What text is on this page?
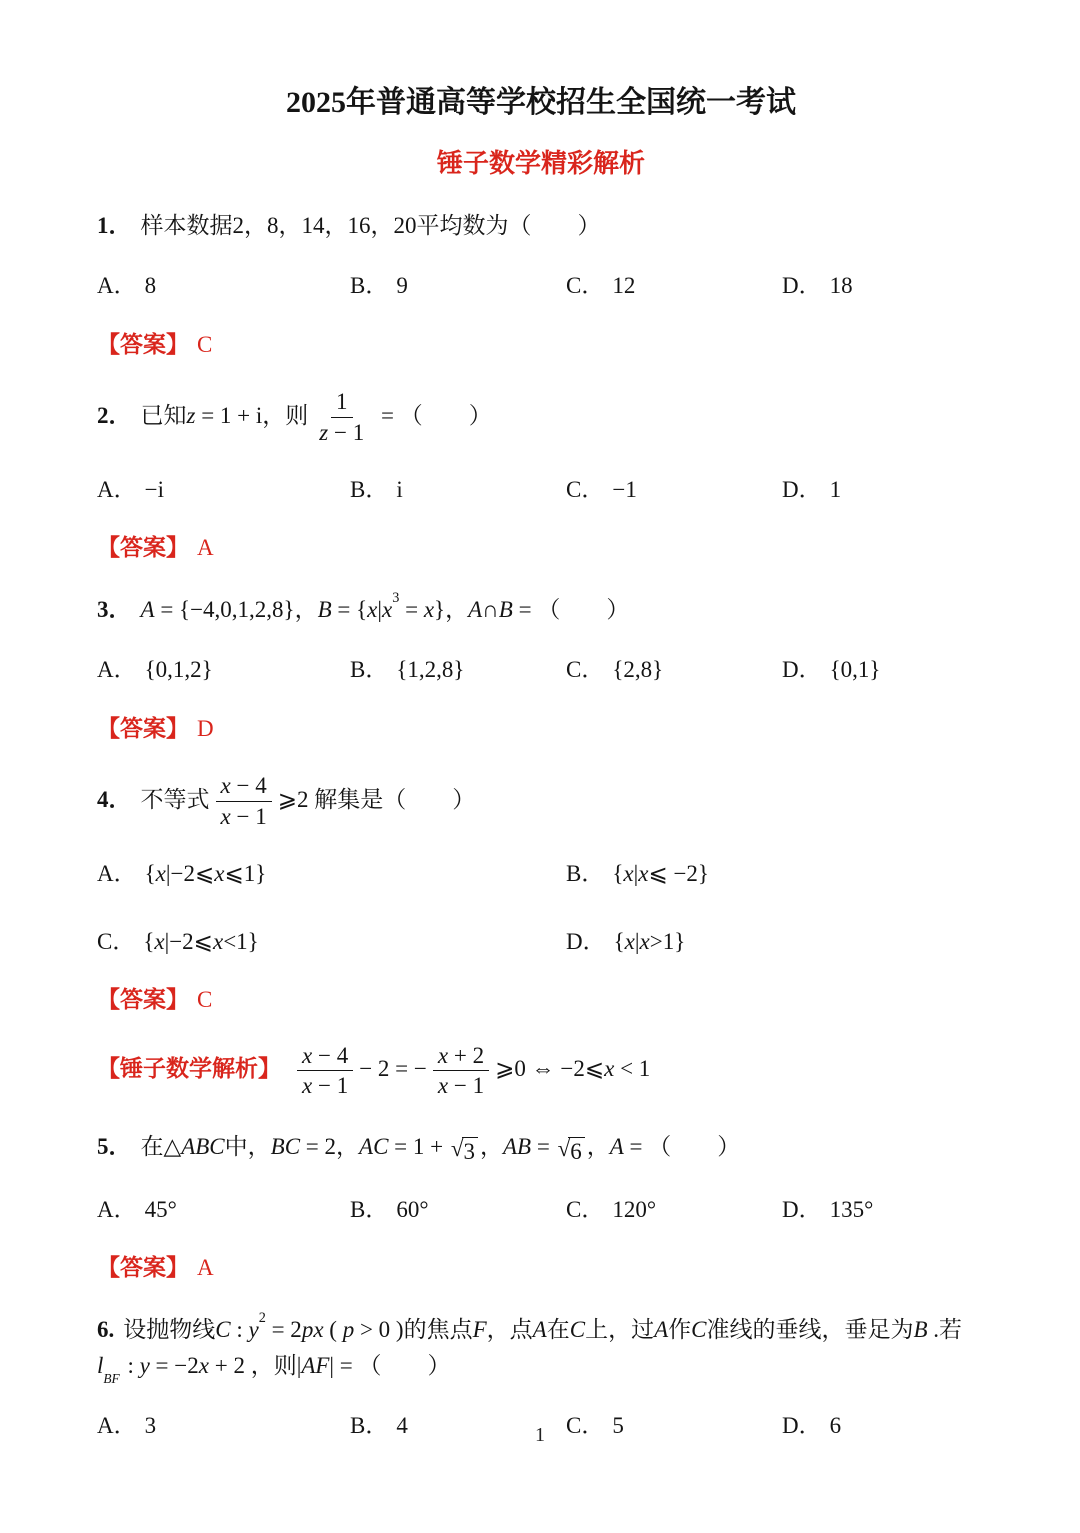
2025年普通高等学校招生全国统一考试
锤子数学精彩解析
1． 样本数据2，8，14，16，20平均数为（　　）
A． 8	B． 9	C． 12	D． 18
【答案】 C
2． 已知z = 1 + i，则 $\frac{1}{z - 1}$ = （　　）
A． −i	B． i	C． −1	D． 1
【答案】 A
3． A = {−4,0,1,2,8}，$B = \{x|x^3 = x\}$，A∩B = （　　）
A． {0,1,2}	B． {1,2,8}	C． {2,8}	D． {0,1}
【答案】 D
4． 不等式 $\frac{x - 4}{x - 1}$ ⩾2 解集是（　　）
A． {x|−2⩽x⩽1}	B． {x|x⩽ −2}
C． {x|−2⩽x<1}	D． {x|x>1}
【答案】 C
【锤子数学解析】 $\frac{x - 4}{x - 1} - 2$ = − $\frac{x + 2}{x - 1}$ ⩾0 ⇔ −2⩽x < 1
5． 在△ABC中，BC = 2，AC = 1 + √ 3 ，AB = √ 6 ，A = （　　）
A． 45°	B． 60°	C． 120°	D． 135°
【答案】 A
6. 设抛物线C : $y^2 = 2px$ ( p > 0 )的焦点F，点A在C上，过A作C准线的垂线，垂足为B .若
$l_{BF}$ : y = −2x + 2 ，则|AF| = （　　）
A． 3	B． 4	C． 5	D． 6
1
